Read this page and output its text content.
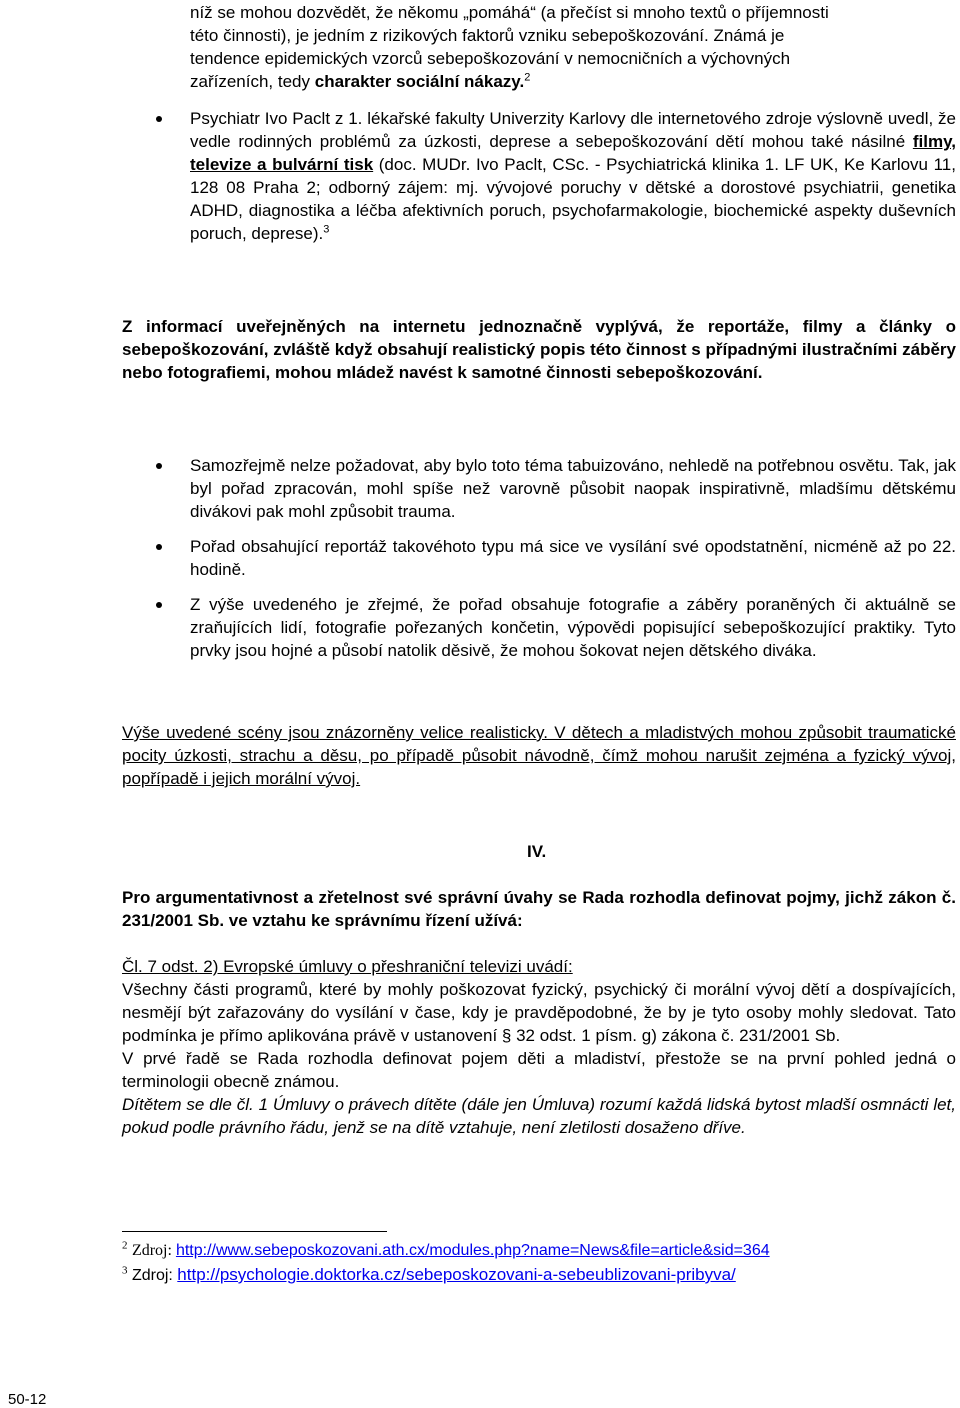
níž se mohou dozvědět, že někomu „pomáhá“ (a přečíst si mnoho textů o příjemnosti
této činnosti), je jedním z rizikových faktorů vzniku sebepoškozování. Známá je
tendence epidemických vzorců sebepoškozování v nemocničních a výchovných
zařízeních, tedy charakter sociální nákazy.$^2$
Psychiatr Ivo Paclt z 1. lékařské fakulty Univerzity Karlovy dle internetového zdroje výslovně uvedl, že vedle rodinných problémů za úzkosti, deprese a sebepoškozování dětí mohou také násilné filmy, televize a bulvární tisk (doc. MUDr. Ivo Paclt, CSc. - Psychiatrická klinika 1. LF UK, Ke Karlovu 11, 128 08 Praha 2; odborný zájem: mj. vývojové poruchy v dětské a dorostové psychiatrii, genetika ADHD, diagnostika a léčba afektivních poruch, psychofarmakologie, biochemické aspekty duševních poruch, deprese).$^3$
Z informací uveřejněných na internetu jednoznačně vyplývá, že reportáže, filmy a články o sebepoškozování, zvláště když obsahují realistický popis této činnost s případnými ilustračními záběry nebo fotografiemi, mohou mládež navést k samotné činnosti sebepoškozování.
Samozřejmě nelze požadovat, aby bylo toto téma tabuizováno, nehledě na potřebnou osvětu. Tak, jak byl pořad zpracován, mohl spíše než varovně působit naopak inspirativně, mladšímu dětskému divákovi pak mohl způsobit trauma.
Pořad obsahující reportáž takovéhoto typu má sice ve vysílání své opodstatnění, nicméně až po 22. hodině.
Z výše uvedeného je zřejmé, že pořad obsahuje fotografie a záběry poraněných či aktuálně se zraňujících lidí, fotografie pořezaných končetin, výpovědi popisující sebepoškozující praktiky. Tyto prvky jsou hojné a působí natolik děsivě, že mohou šokovat nejen dětského diváka.
Výše uvedené scény jsou znázorněny velice realisticky. V dětech a mladistvých mohou způsobit traumatické pocity úzkosti, strachu a děsu, po případě působit návodně, čímž mohou narušit zejména a fyzický vývoj, popřípadě i jejich morální vývoj.
IV.
Pro argumentativnost a zřetelnost své správní úvahy se Rada rozhodla definovat pojmy, jichž zákon č. 231/2001 Sb. ve vztahu ke správnímu řízení užívá:
Čl. 7 odst. 2) Evropské úmluvy o přeshraniční televizi uvádí:
Všechny části programů, které by mohly poškozovat fyzický, psychický či morální vývoj dětí a dospívajících, nesmějí být zařazovány do vysílání v čase, kdy je pravděpodobné, že by je tyto osoby mohly sledovat. Tato podmínka je přímo aplikována právě v ustanovení § 32 odst. 1 písm. g) zákona č. 231/2001 Sb.
V prvé řadě se Rada rozhodla definovat pojem děti a mladiství, přestože se na první pohled jedná o terminologii obecně známou.
Dítětem se dle čl. 1 Úmluvy o právech dítěte (dále jen Úmluva) rozumí každá lidská bytost mladší osmnácti let, pokud podle právního řádu, jenž se na dítě vztahuje, není zletilosti dosaženo dříve.
$^2$ Zdroj: http://www.sebeposkozovani.ath.cx/modules.php?name=News&file=article&sid=364
$^3$ Zdroj: http://psychologie.doktorka.cz/sebeposkozovani-a-sebeublizovani-pribyva/
50-12
